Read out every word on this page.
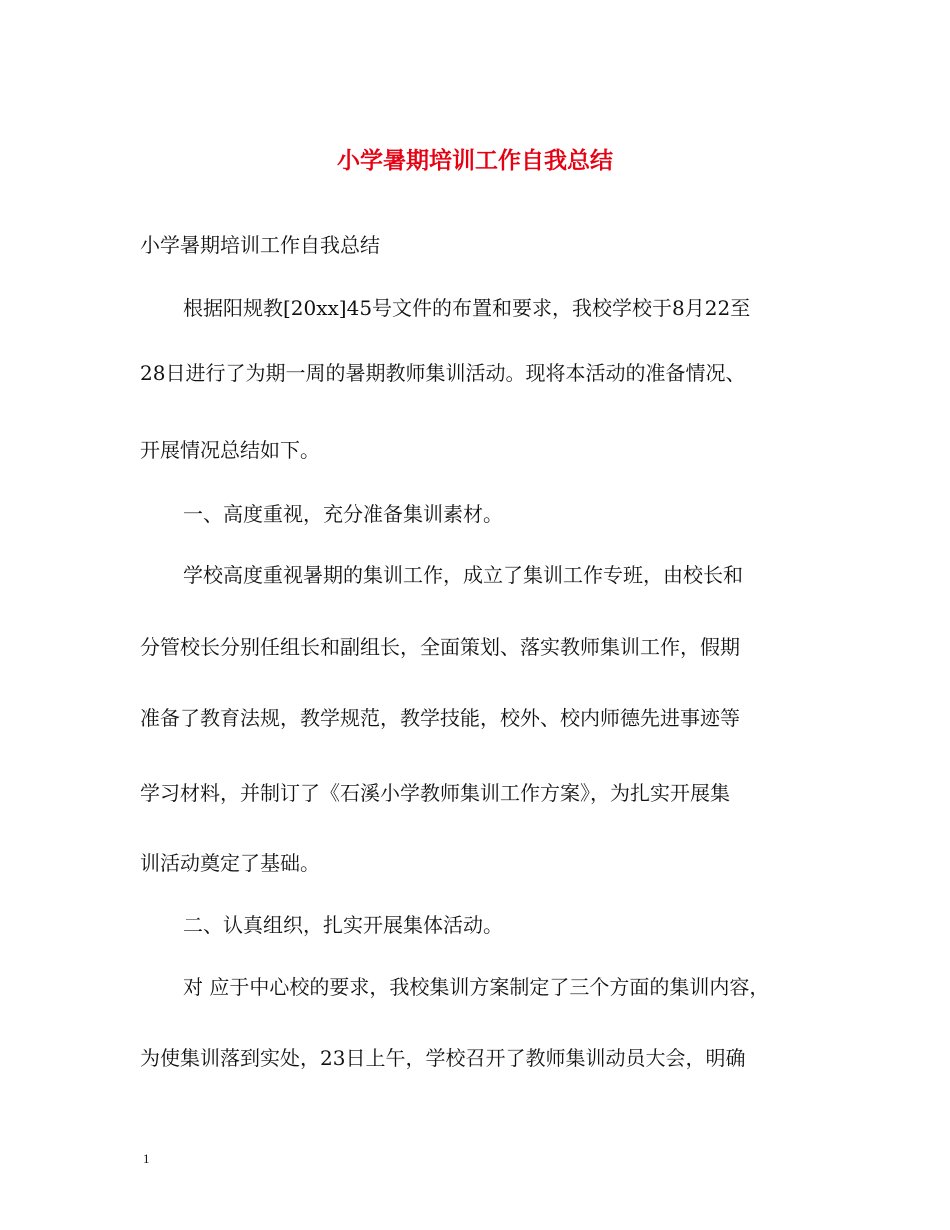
小学暑期培训工作自我总结

小学暑期培训工作自我总结

根据阳规教[20xx]45号文件的布置和要求，我校学校于8月22至

28日进行了为期一周的暑期教师集训活动。现将本活动的准备情况、

开展情况总结如下。

一、高度重视，充分准备集训素材。

学校高度重视暑期的集训工作，成立了集训工作专班，由校长和

分管校长分别任组长和副组长，全面策划、落实教师集训工作，假期

准备了教育法规，教学规范，教学技能，校外、校内师德先进事迹等

学习材料，并制订了《石溪小学教师集训工作方案》，为扎实开展集

训活动奠定了基础。

二、认真组织，扎实开展集体活动。

对 应于中心校的要求，我校集训方案制定了三个方面的集训内容，

为使集训落到实处，23日上午，学校召开了教师集训动员大会，明确

1
